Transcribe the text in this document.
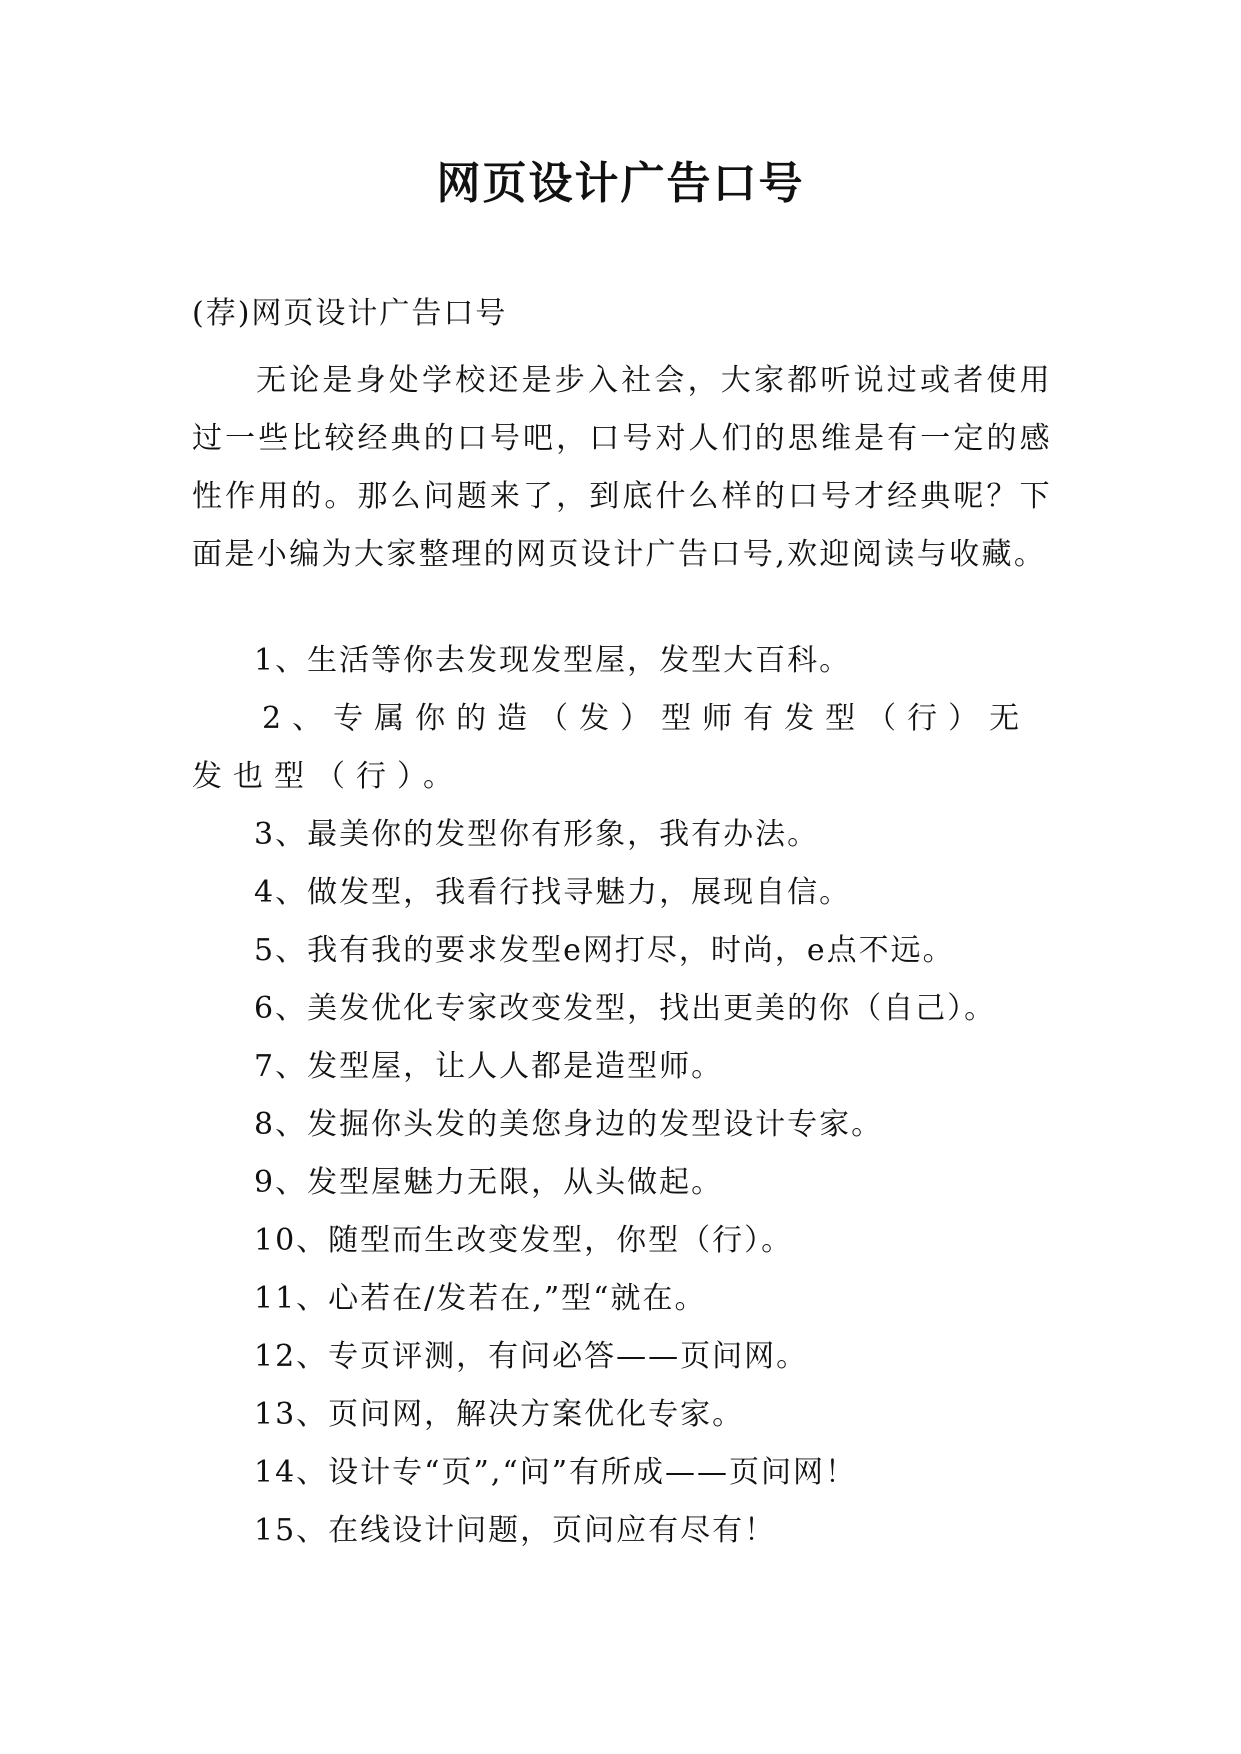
网页设计广告口号
(荐)网页设计广告口号

无论是身处学校还是步入社会，大家都听说过或者使用过一些比较经典的口号吧，口号对人们的思维是有一定的感性作用的。那么问题来了，到底什么样的口号才经典呢？下面是小编为大家整理的网页设计广告口号,欢迎阅读与收藏。

1、生活等你去发现发型屋，发型大百科。
2、专属你的造（发）型师有发型（行）无发也型（行）。
3、最美你的发型你有形象，我有办法。
4、做发型，我看行找寻魅力，展现自信。
5、我有我的要求发型e网打尽，时尚，e点不远。
6、美发优化专家改变发型，找出更美的你（自己）。
7、发型屋，让人人都是造型师。
8、发掘你头发的美您身边的发型设计专家。
9、发型屋魅力无限，从头做起。
10、随型而生改变发型，你型（行）。
11、心若在/发若在,”型“就在。
12、专页评测，有问必答——页问网。
13、页问网，解决方案优化专家。
14、设计专“页”,“问”有所成——页问网！
15、在线设计问题，页问应有尽有！
